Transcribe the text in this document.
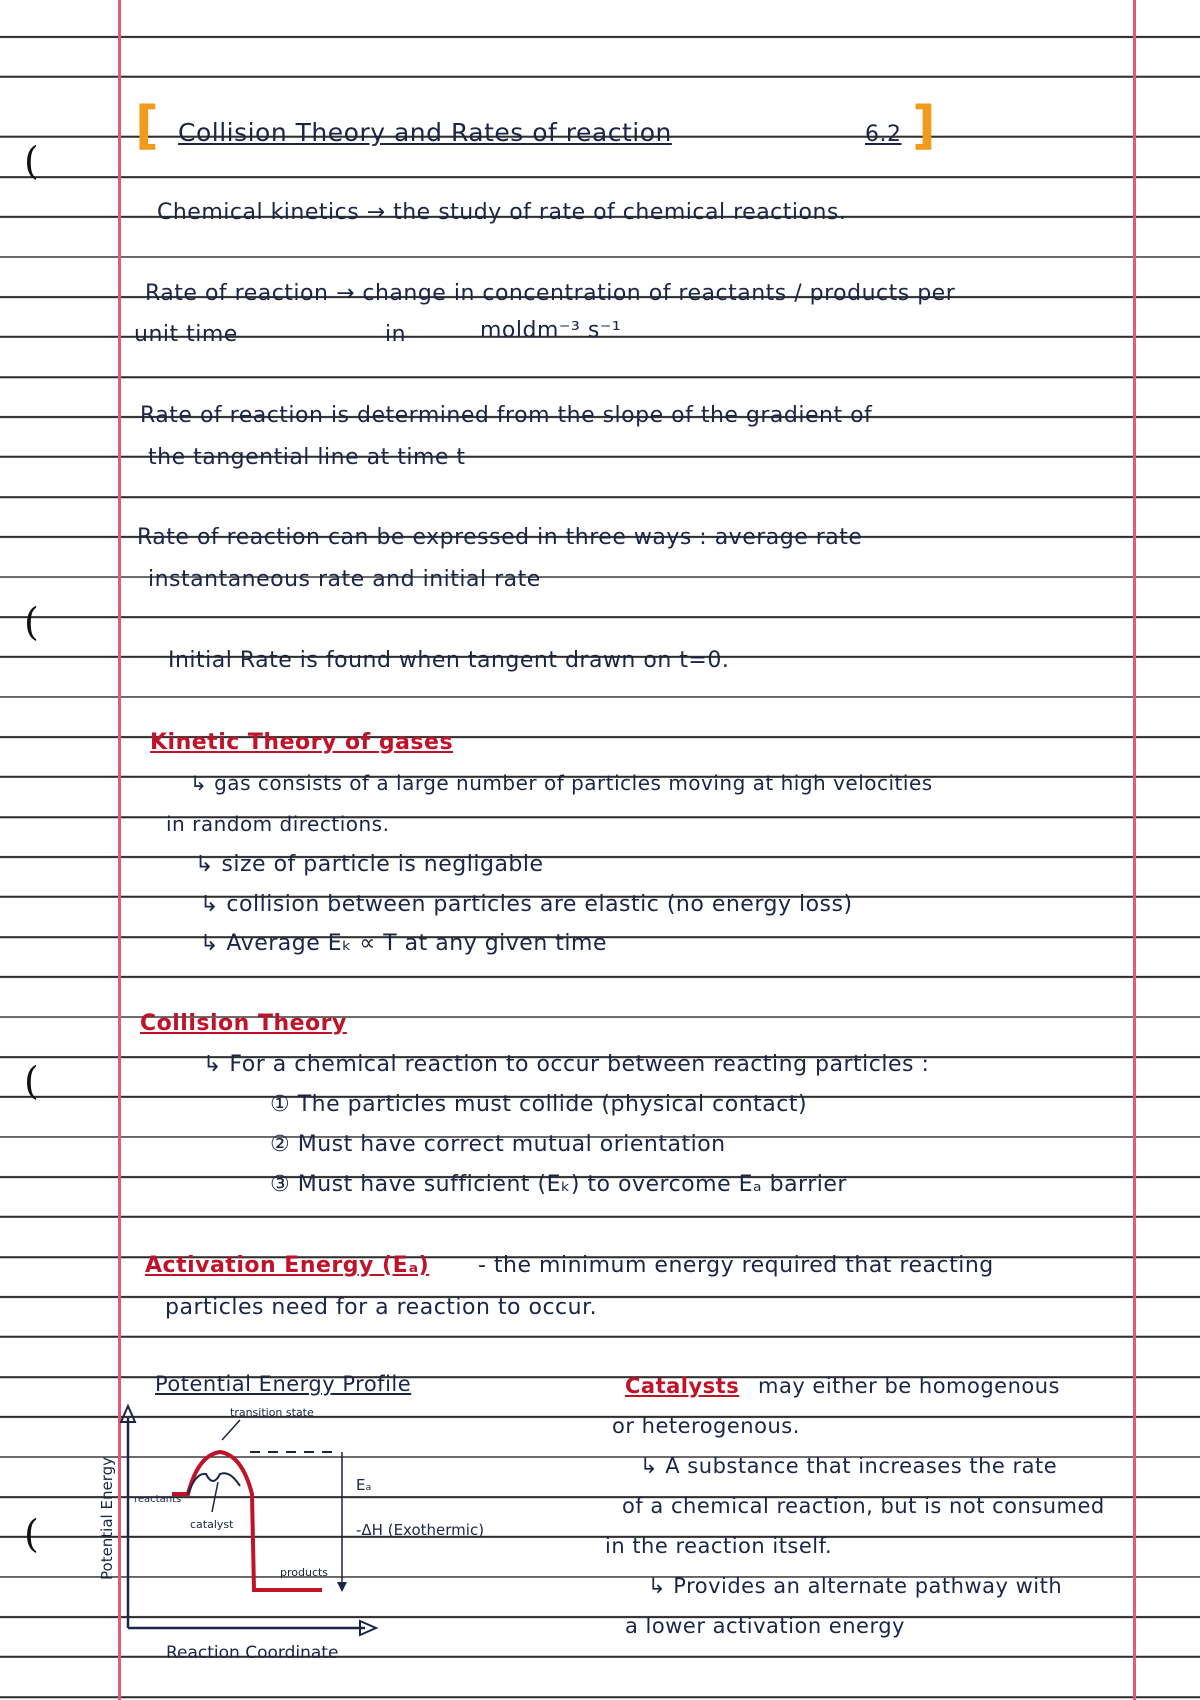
(
(
(
(
[ Collision Theory and Rates of reaction	6.2 ]
Chemical kinetics → the study of rate of chemical reactions.
Rate of reaction → change in concentration of reactants / products per
unit time	in	moldm⁻³ s⁻¹
Rate of reaction is determined from the slope of the gradient of
the tangential line at time t
Rate of reaction can be expressed in three ways : average rate
instantaneous rate and initial rate
Initial Rate is found when tangent drawn on t=0.
Kinetic Theory of gases
↳ gas consists of a large number of particles moving at high velocities
in random directions.
↳ size of particle is negligable
↳ collision between particles are elastic (no energy loss)
↳ Average Eₖ ∝ T at any given time
Collision Theory
↳ For a chemical reaction to occur between reacting particles :
① The particles must collide (physical contact)
② Must have correct mutual orientation
③ Must have sufficient (Eₖ) to overcome Eₐ barrier
Activation Energy (Eₐ) - the minimum energy required that reacting
particles need for a reaction to occur.
Potential Energy Profile
Potential Energy
transition state
reactants
catalyst
products
Eₐ
-ΔH (Exothermic)
Reaction Coordinate
Catalysts may either be homogenous
or heterogenous.
↳ A substance that increases the rate
of a chemical reaction, but is not consumed
in the reaction itself.
↳ Provides an alternate pathway with
a lower activation energy
